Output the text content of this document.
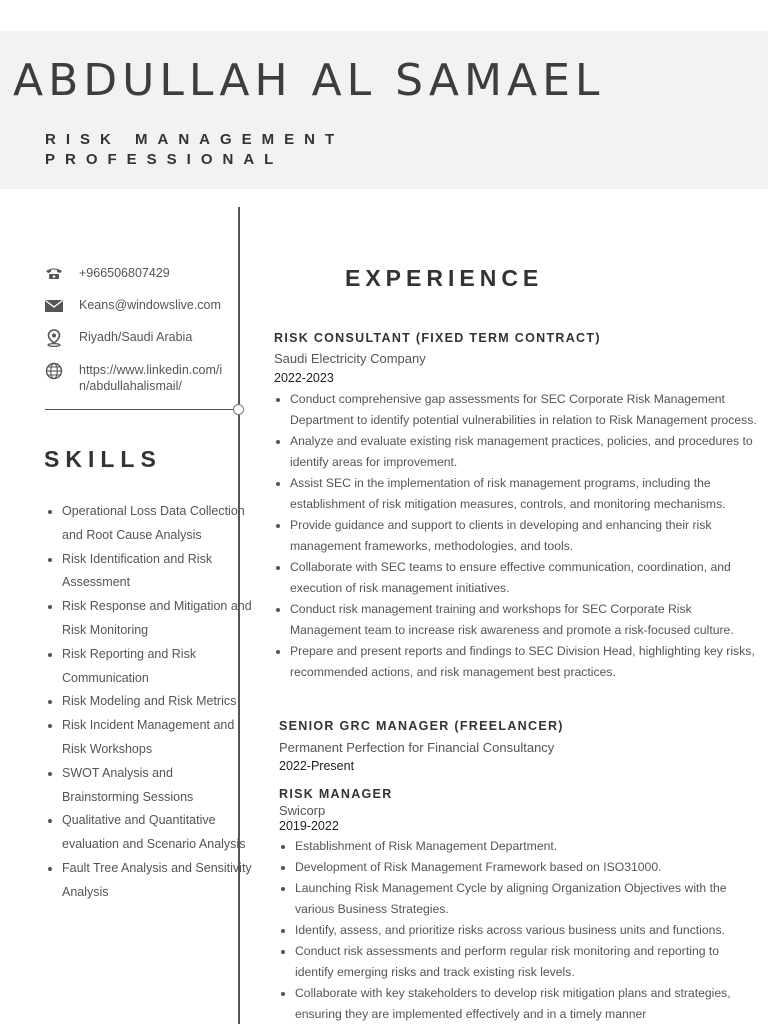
ABDULLAH AL SAMAEL
RISK MANAGEMENT
PROFESSIONAL
+966506807429
Keans@windowslive.com
Riyadh/Saudi Arabia
https://www.linkedin.com/in/abdullahalismail/
SKILLS
• Operational Loss Data Collection and Root Cause Analysis
• Risk Identification and Risk Assessment
• Risk Response and Mitigation and Risk Monitoring
• Risk Reporting and Risk Communication
• Risk Modeling and Risk Metrics
• Risk Incident Management and Risk Workshops
• SWOT Analysis and Brainstorming Sessions
• Qualitative and Quantitative evaluation and Scenario Analysis
• Fault Tree Analysis and Sensitivity Analysis
EXPERIENCE
RISK CONSULTANT (FIXED TERM CONTRACT)
Saudi Electricity Company
2022-2023
• Conduct comprehensive gap assessments for SEC Corporate Risk Management Department to identify potential vulnerabilities in relation to Risk Management process.
• Analyze and evaluate existing risk management practices, policies, and procedures to identify areas for improvement.
• Assist SEC in the implementation of risk management programs, including the establishment of risk mitigation measures, controls, and monitoring mechanisms.
• Provide guidance and support to clients in developing and enhancing their risk management frameworks, methodologies, and tools.
• Collaborate with SEC teams to ensure effective communication, coordination, and execution of risk management initiatives.
• Conduct risk management training and workshops for SEC Corporate Risk Management team to increase risk awareness and promote a risk-focused culture.
• Prepare and present reports and findings to SEC Division Head, highlighting key risks, recommended actions, and risk management best practices.
SENIOR GRC MANAGER (FREELANCER)
Permanent Perfection for Financial Consultancy
2022-Present
RISK MANAGER
Swicorp
2019-2022
• Establishment of Risk Management Department.
• Development of Risk Management Framework based on ISO31000.
• Launching Risk Management Cycle by aligning Organization Objectives with the various Business Strategies.
• Identify, assess, and prioritize risks across various business units and functions.
• Conduct risk assessments and perform regular risk monitoring and reporting to identify emerging risks and track existing risk levels.
• Collaborate with key stakeholders to develop risk mitigation plans and strategies, ensuring they are implemented effectively and in a timely manner
